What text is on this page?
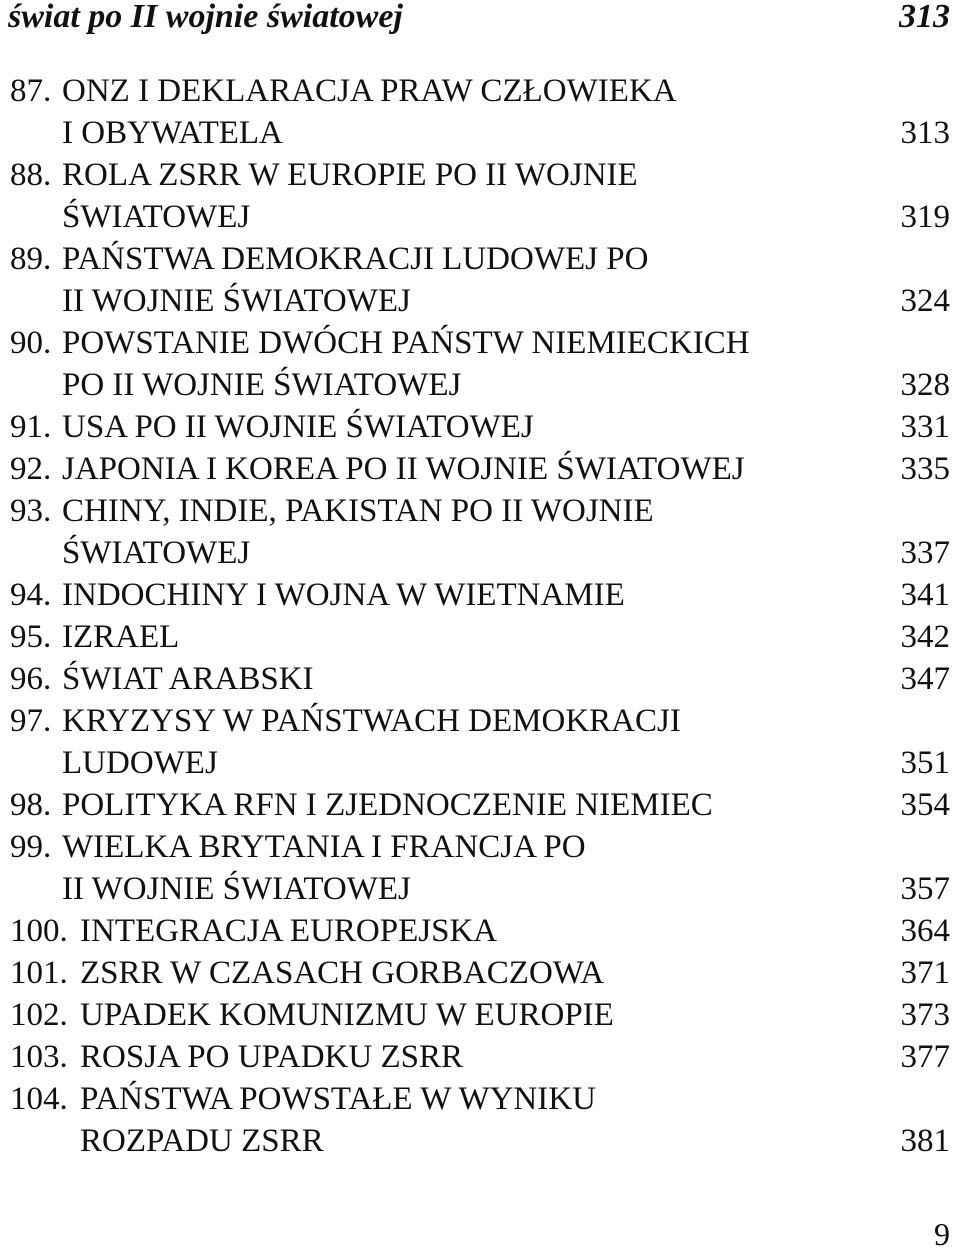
świat po II wojnie światowej	313
87. ONZ I DEKLARACJA PRAW CZŁOWIEKA
I OBYWATELA	313
88. ROLA ZSRR W EUROPIE PO II WOJNIE
ŚWIATOWEJ	319
89. PAŃSTWA DEMOKRACJI LUDOWEJ PO
II WOJNIE ŚWIATOWEJ	324
90. POWSTANIE DWÓCH PAŃSTW NIEMIECKICH
PO II WOJNIE ŚWIATOWEJ	328
91. USA PO II WOJNIE ŚWIATOWEJ	331
92. JAPONIA I KOREA PO II WOJNIE ŚWIATOWEJ	335
93. CHINY, INDIE, PAKISTAN PO II WOJNIE
ŚWIATOWEJ	337
94. INDOCHINY I WOJNA W WIETNAMIE	341
95. IZRAEL	342
96. ŚWIAT ARABSKI	347
97. KRYZYSY W PAŃSTWACH DEMOKRACJI
LUDOWEJ	351
98. POLITYKA RFN I ZJEDNOCZENIE NIEMIEC	354
99. WIELKA BRYTANIA I FRANCJA PO
II WOJNIE ŚWIATOWEJ	357
100. INTEGRACJA EUROPEJSKA	364
101. ZSRR W CZASACH GORBACZOWA	371
102. UPADEK KOMUNIZMU W EUROPIE	373
103. ROSJA PO UPADKU ZSRR	377
104. PAŃSTWA POWSTAŁE W WYNIKU
ROZPADU ZSRR	381
9
